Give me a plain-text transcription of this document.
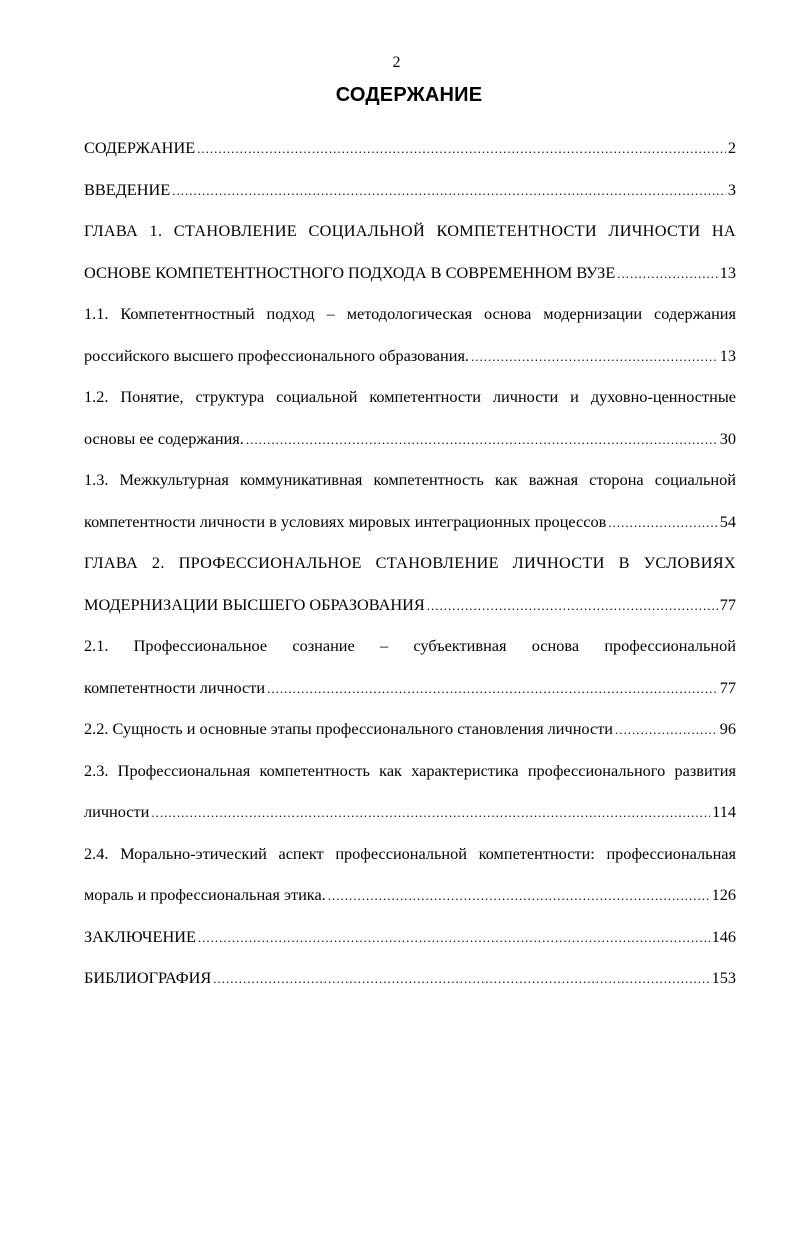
2
СОДЕРЖАНИЕ
СОДЕРЖАНИЕ .....	2
ВВЕДЕНИЕ .....	3
ГЛАВА 1. СТАНОВЛЕНИЕ СОЦИАЛЬНОЙ КОМПЕТЕНТНОСТИ ЛИЧНОСТИ НА
ОСНОВЕ КОМПЕТЕНТНОСТНОГО ПОДХОДА В СОВРЕМЕННОМ ВУЗЕ .....	13
1.1. Компетентностный подход – методологическая основа модернизации содержания
российского высшего профессионального образования. .....	13
1.2. Понятие, структура социальной компетентности личности и духовно-ценностные
основы ее содержания. .....	30
1.3. Межкультурная коммуникативная компетентность как важная сторона социальной
компетентности личности в условиях мировых интеграционных процессов .....	54
ГЛАВА 2. ПРОФЕССИОНАЛЬНОЕ СТАНОВЛЕНИЕ ЛИЧНОСТИ В УСЛОВИЯХ
МОДЕРНИЗАЦИИ ВЫСШЕГО ОБРАЗОВАНИЯ .....	77
2.1. Профессиональное сознание – субъективная основа профессиональной
компетентности личности .....	77
2.2. Сущность и основные этапы профессионального становления личности .....	96
2.3. Профессиональная компетентность как характеристика профессионального развития
личности .....	114
2.4. Морально-этический аспект профессиональной компетентности: профессиональная
мораль и профессиональная этика. .....	126
ЗАКЛЮЧЕНИЕ .....	146
БИБЛИОГРАФИЯ .....	153
